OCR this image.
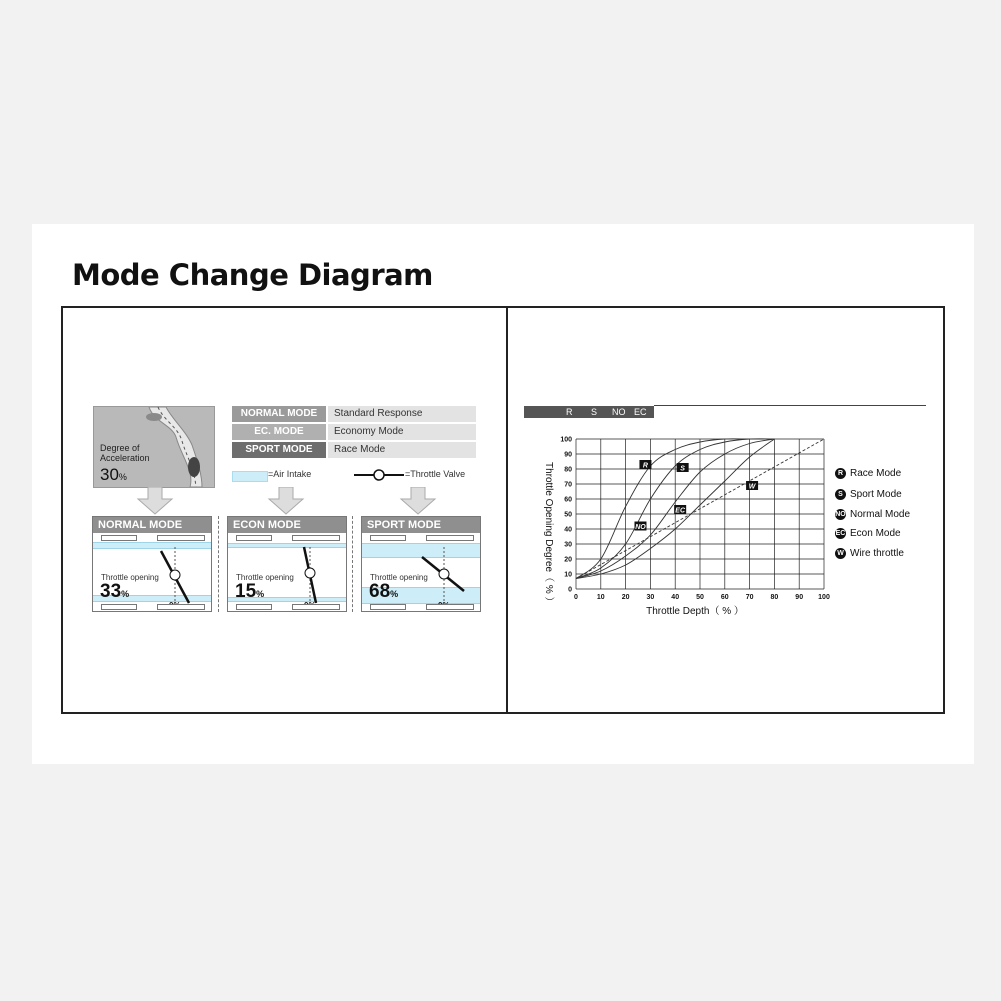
Mode Change Diagram
Degree of
Acceleration
30%
NORMAL MODE	Standard Response
EC. MODE	Economy Mode
SPORT MODE	Race Mode
=Air Intake	=Throttle Valve
NORMAL MODE
Throttle opening
33%
ECON MODE
Throttle opening
15%
SPORT MODE
Throttle opening
68%
R S NO EC
0	10 20 30 40 50 60 70 80 90 100
0
10
20
30
40
50
60
70
80
90
100
R	S
NO
EC
W
Throttle Opening Degree（ % ）
Throttle Depth（ % ）
R Race Mode
S Sport Mode
NO Normal Mode
EC Econ Mode
W Wire throttle
